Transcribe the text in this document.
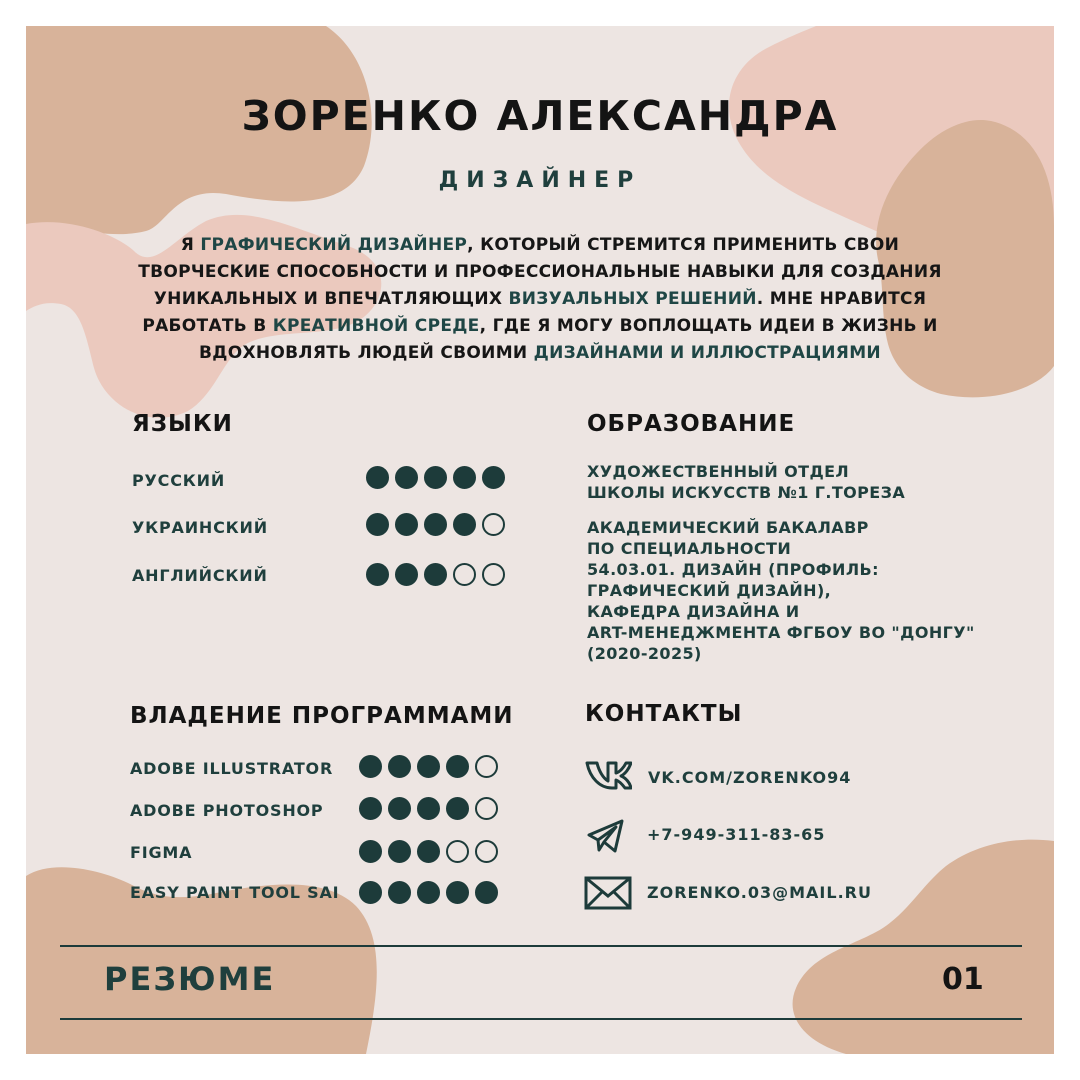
ЗОРЕНКО АЛЕКСАНДРА
ДИЗАЙНЕР
Я ГРАФИЧЕСКИЙ ДИЗАЙНЕР, КОТОРЫЙ СТРЕМИТСЯ ПРИМЕНИТЬ СВОИ ТВОРЧЕСКИЕ СПОСОБНОСТИ И ПРОФЕССИОНАЛЬНЫЕ НАВЫКИ ДЛЯ СОЗДАНИЯ УНИКАЛЬНЫХ И ВПЕЧАТЛЯЮЩИХ ВИЗУАЛЬНЫХ РЕШЕНИЙ. МНЕ НРАВИТСЯ РАБОТАТЬ В КРЕАТИВНОЙ СРЕДЕ, ГДЕ Я МОГУ ВОПЛОЩАТЬ ИДЕИ В ЖИЗНЬ И ВДОХНОВЛЯТЬ ЛЮДЕЙ СВОИМИ ДИЗАЙНАМИ И ИЛЛЮСТРАЦИЯМИ
ЯЗЫКИ
РУССКИЙ
УКРАИНСКИЙ
АНГЛИЙСКИЙ
ОБРАЗОВАНИЕ
ХУДОЖЕСТВЕННЫЙ ОТДЕЛ
ШКОЛЫ ИСКУССТВ №1 Г.ТОРЕЗА
АКАДЕМИЧЕСКИЙ БАКАЛАВР
ПО СПЕЦИАЛЬНОСТИ
54.03.01. ДИЗАЙН (ПРОФИЛЬ:
ГРАФИЧЕСКИЙ ДИЗАЙН),
КАФЕДРА ДИЗАЙНА И
ART-МЕНЕДЖМЕНТА ФГБОУ ВО "ДОНГУ"
(2020-2025)
ВЛАДЕНИЕ ПРОГРАММАМИ
ADOBE ILLUSTRATOR
ADOBE PHOTOSHOP
FIGMA
EASY PAINT TOOL SAI
КОНТАКТЫ
VK.COM/ZORENKO94
+7-949-311-83-65
ZORENKO.03@MAIL.RU
РЕЗЮМЕ	01
